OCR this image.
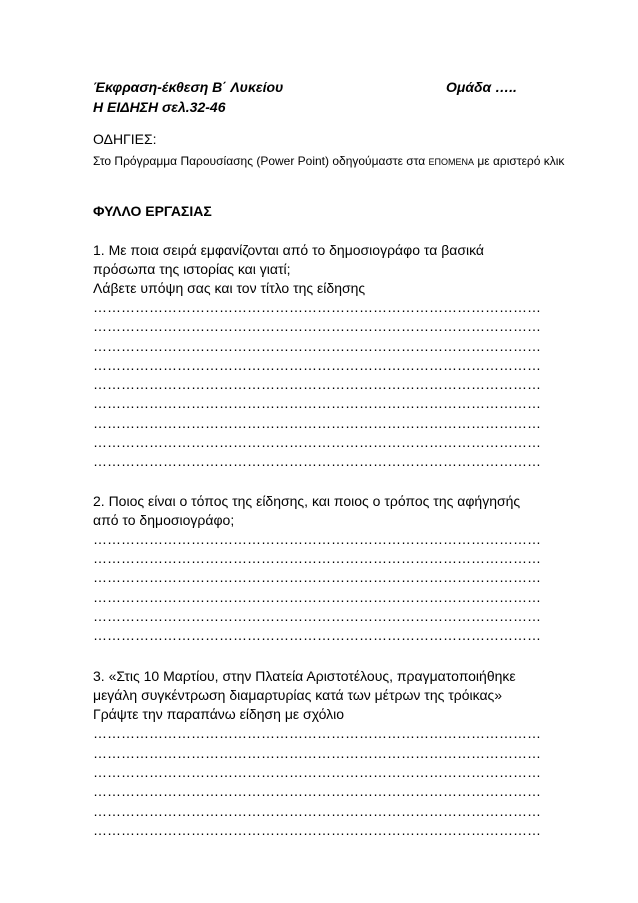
Έκφραση-έκθεση Β΄ Λυκείου	Ομάδα …..
Η ΕΙΔΗΣΗ σελ.32-46
ΟΔΗΓΙΕΣ:
Στο Πρόγραμμα Παρουσίασης (Power Point) οδηγούμαστε στα ΕΠΟΜΕΝΑ με αριστερό κλικ
ΦΥΛΛΟ ΕΡΓΑΣΙΑΣ
1. Με ποια σειρά εμφανίζονται από το δημοσιογράφο τα βασικά
πρόσωπα της ιστορίας και γιατί;
Λάβετε υπόψη σας και τον τίτλο της είδησης
……………………………………………………………………………………
……………………………………………………………………………………
……………………………………………………………………………………
……………………………………………………………………………………
……………………………………………………………………………………
……………………………………………………………………………………
……………………………………………………………………………………
……………………………………………………………………………………
……………………………………………………………………………………
2. Ποιος είναι ο τόπος της είδησης, και ποιος ο τρόπος της αφήγησής
από το δημοσιογράφο;
……………………………………………………………………………………
……………………………………………………………………………………
……………………………………………………………………………………
……………………………………………………………………………………
……………………………………………………………………………………
……………………………………………………………………………………
3. «Στις 10 Μαρτίου, στην Πλατεία Αριστοτέλους, πραγματοποιήθηκε
μεγάλη συγκέντρωση διαμαρτυρίας κατά των μέτρων της τρόικας»
Γράψτε την παραπάνω είδηση με σχόλιο
……………………………………………………………………………………
……………………………………………………………………………………
……………………………………………………………………………………
……………………………………………………………………………………
……………………………………………………………………………………
……………………………………………………………………………………
